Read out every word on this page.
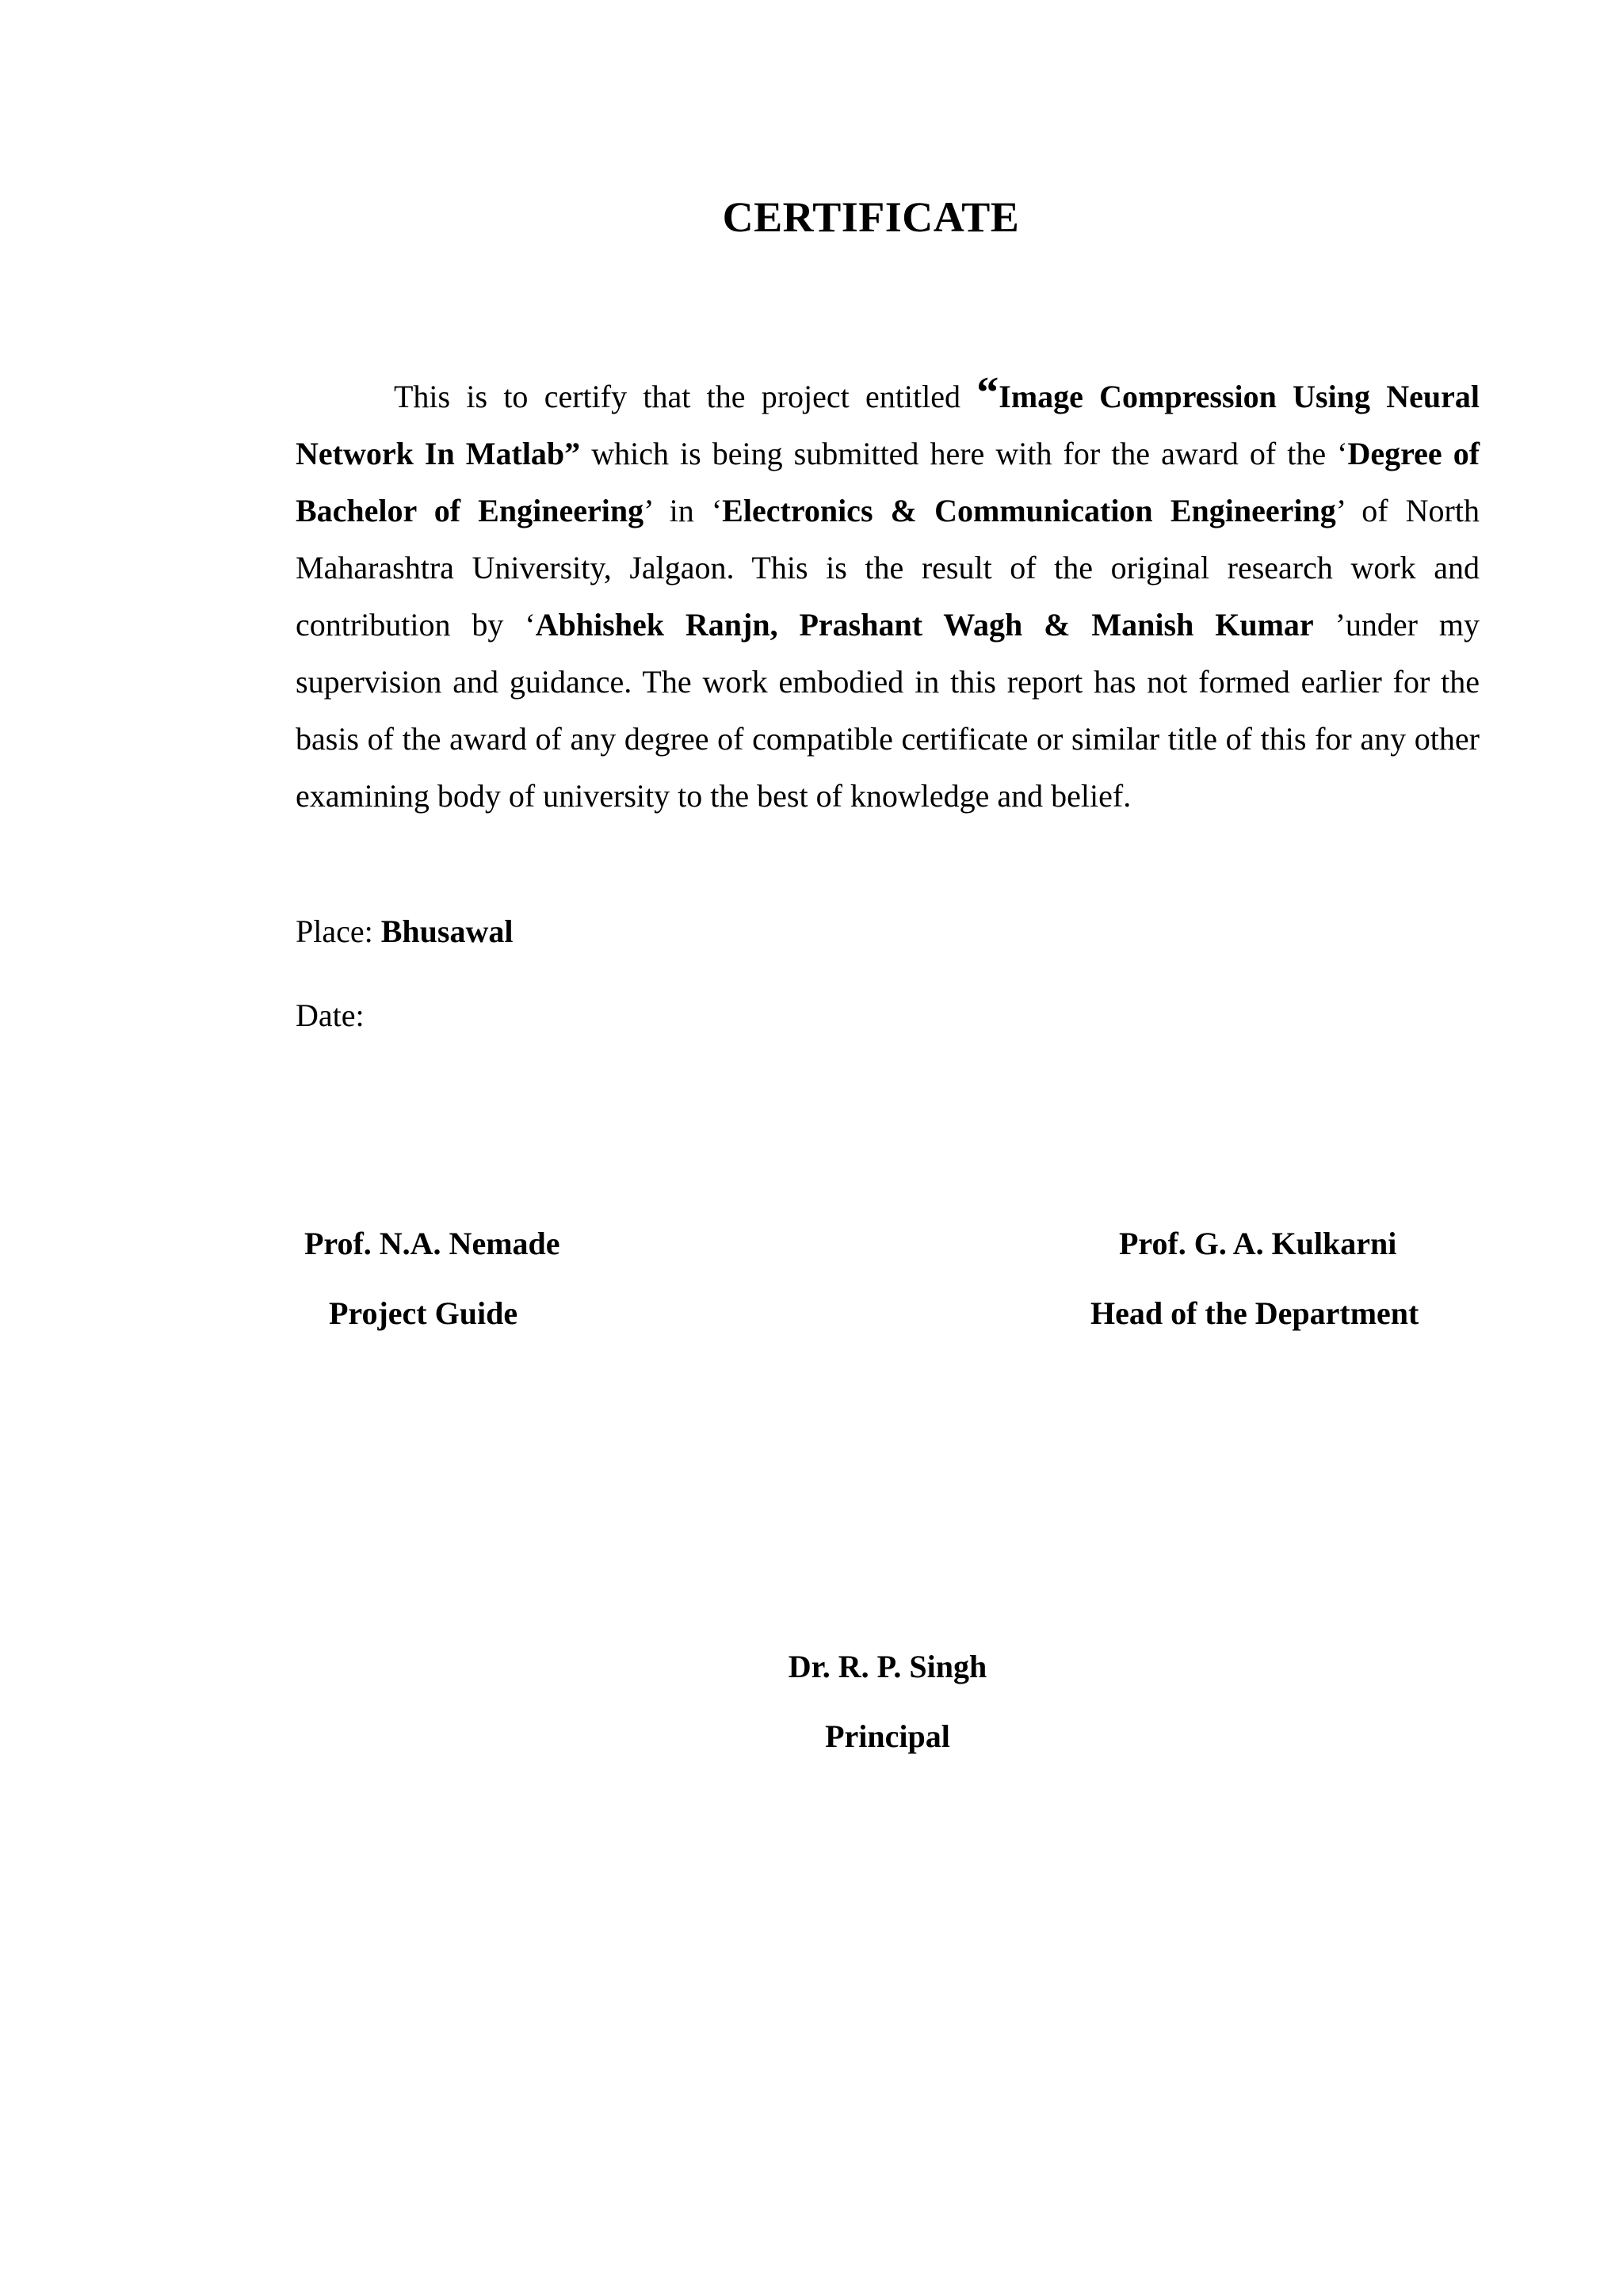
CERTIFICATE

This is to certify that the project entitled “Image Compression Using Neural Network In Matlab” which is being submitted here with for the award of the ‘Degree of Bachelor of Engineering’ in ‘Electronics & Communication Engineering’ of North Maharashtra University, Jalgaon. This is the result of the original research work and contribution by ‘Abhishek Ranjn, Prashant Wagh & Manish Kumar ’under my supervision and guidance. The work embodied in this report has not formed earlier for the basis of the award of any degree of compatible certificate or similar title of this for any other examining body of university to the best of knowledge and belief.

Place: Bhusawal

Date:

Prof. N.A. Nemade

Project Guide

Prof. G. A. Kulkarni

Head of the Department

Dr. R. P. Singh

Principal
